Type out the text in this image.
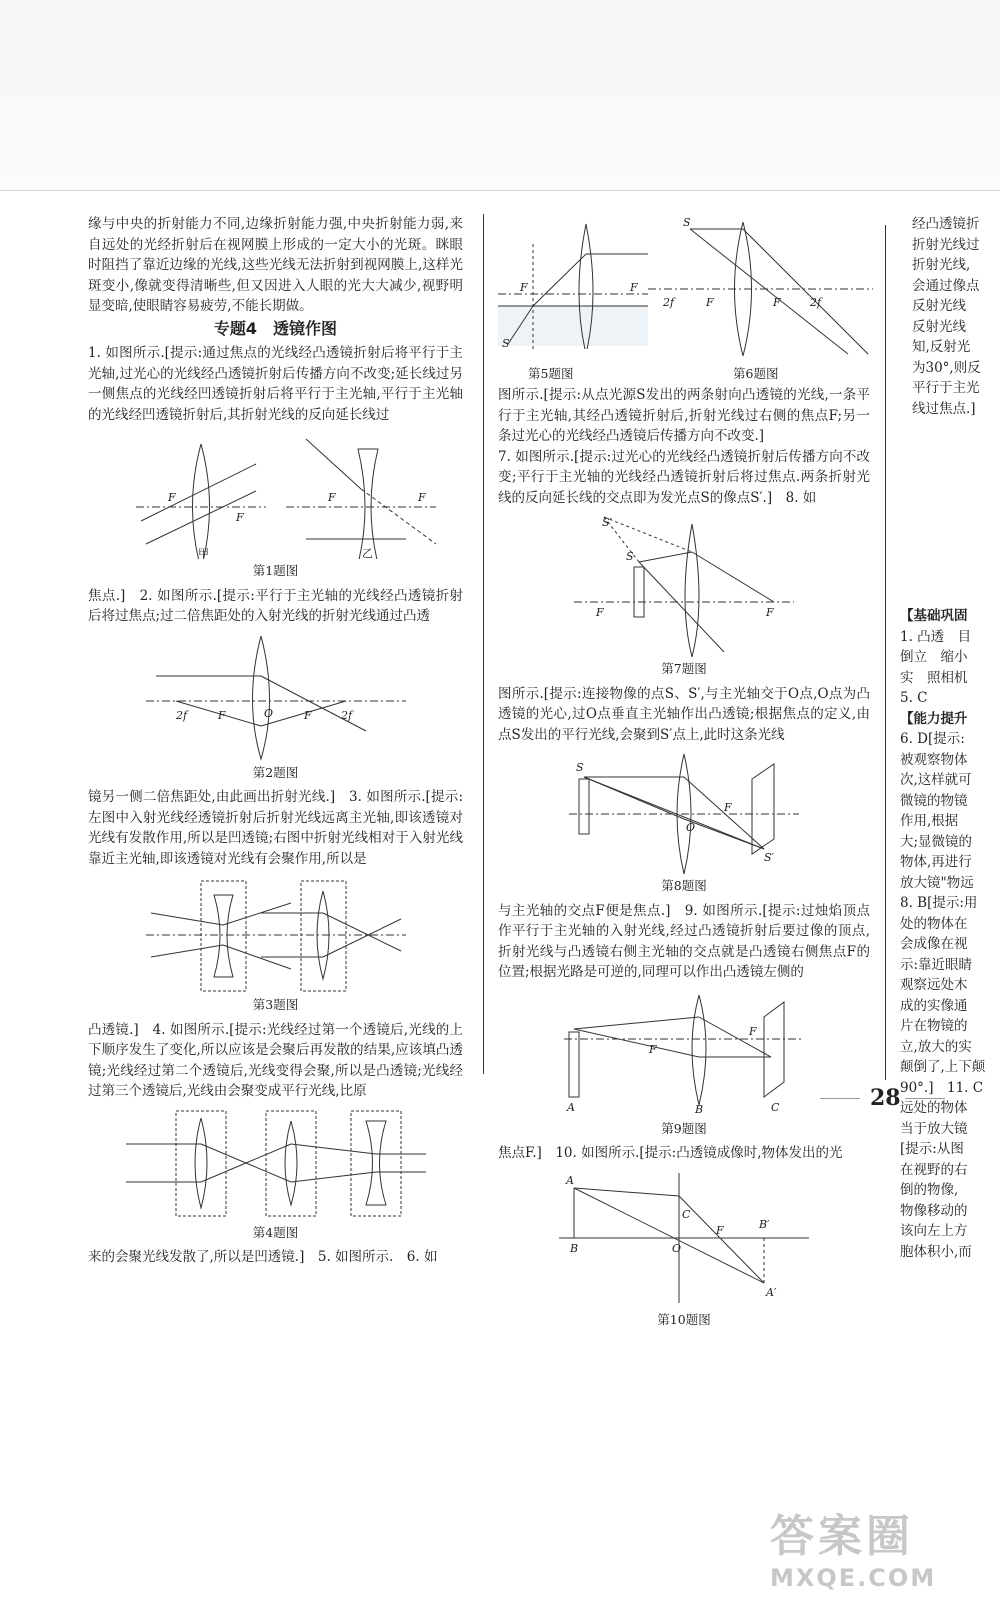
缘与中央的折射能力不同,边缘折射能力强,中央折射能力弱,来自远处的光经折射后在视网膜上形成的一定大小的光斑。眯眼时阻挡了靠近边缘的光线,这些光线无法折射到视网膜上,这样光斑变小,像就变得清晰些,但又因进入人眼的光大大减少,视野明显变暗,使眼睛容易疲劳,不能长期做。

专题4　透镜作图

1. 如图所示.[提示:通过焦点的光线经凸透镜折射后将平行于主光轴,过光心的光线经凸透镜折射后传播方向不改变;延长线过另一侧焦点的光线经凹透镜折射后将平行于主光轴,平行于主光轴的光线经凹透镜折射后,其折射光线的反向延长线过

F
F
F	F
甲	乙
第1题图

焦点.]　2. 如图所示.[提示:平行于主光轴的光线经凸透镜折射后将过焦点;过二倍焦距处的入射光线的折射光线通过凸透

2f	F	O	F	2f
第2题图

镜另一侧二倍焦距处,由此画出折射光线.]　3. 如图所示.[提示:左图中入射光线经透镜折射后折射光线远离主光轴,即该透镜对光线有发散作用,所以是凹透镜;右图中折射光线相对于入射光线靠近主光轴,即该透镜对光线有会聚作用,所以是

第3题图

凸透镜.]　4. 如图所示.[提示:光线经过第一个透镜后,光线的上下顺序发生了变化,所以应该是会聚后再发散的结果,应该填凸透镜;光线经过第二个透镜后,光线变得会聚,所以是凸透镜;光线经过第三个透镜后,光线由会聚变成平行光线,比原

第4题图

来的会聚光线发散了,所以是凹透镜.]　5. 如图所示.　6. 如

F	F
S
S
2f	F	F	2f
第5题图	第6题图

图所示.[提示:从点光源S发出的两条射向凸透镜的光线,一条平行于主光轴,其经凸透镜折射后,折射光线过右侧的焦点F;另一条过光心的光线经凸透镜后传播方向不改变.]

7. 如图所示.[提示:过光心的光线经凸透镜折射后传播方向不改变;平行于主光轴的光线经凸透镜折射后将过焦点.两条折射光线的反向延长线的交点即为发光点S的像点S′.]　8. 如

S′
S
F	F
第7题图

图所示.[提示:连接物像的点S、S′,与主光轴交于O点,O点为凸透镜的光心,过O点垂直主光轴作出凸透镜;根据焦点的定义,由点S发出的平行光线,会聚到S′点上,此时这条光线

S
O
F
S′
第8题图

与主光轴的交点F便是焦点.]　9. 如图所示.[提示:过烛焰顶点作平行于主光轴的入射光线,经过凸透镜折射后要过像的顶点,折射光线与凸透镜右侧主光轴的交点就是凸透镜右侧焦点F的位置;根据光路是可逆的,同理可以作出凸透镜左侧的

F
F
A	B	C
第9题图

焦点F.]　10. 如图所示.[提示:凸透镜成像时,物体发出的光

A
B
C
O
F	B′
A′
第10题图

经凸透镜折

折射光线过

折射光线,

会通过像点

反射光线

反射光线

知,反射光

为30°,则反

平行于主光

线过焦点.]

【基础巩固

1. 凸透　目

倒立　缩小

实　照相机

5. C

【能力提升

6. D[提示:

被观察物体

次,这样就可

微镜的物镜

作用,根据

大;显微镜的

物体,再进行

放大镜"物远

8. B[提示:用

处的物体在

会成像在视

示:靠近眼睛

观察远处木

成的实像通

片在物镜的

立,放大的实

颠倒了,上下颠

90°.]　11. C

远处的物体

当于放大镜

[提示:从图

在视野的右

倒的物像,

物像移动的

该向左上方

胞体积小,而

28
答案圈
MXQE.COM
